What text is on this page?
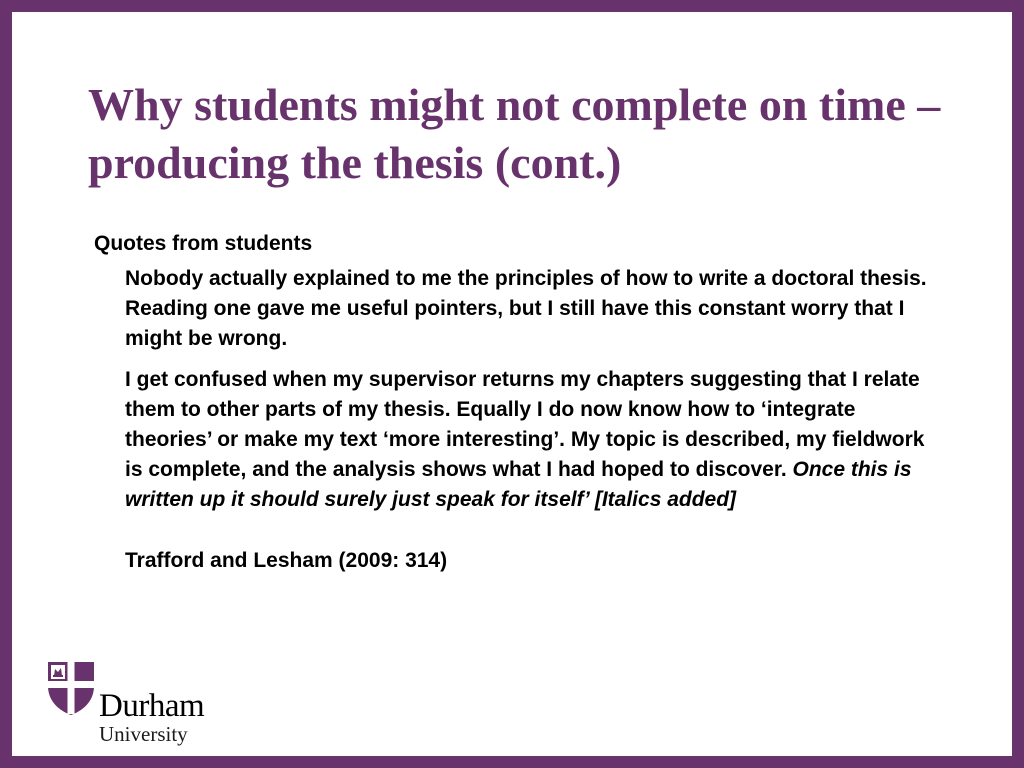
Why students might not complete on time – producing the thesis (cont.)

Quotes from students

Nobody actually explained to me the principles of how to write a doctoral thesis. Reading one gave me useful pointers, but I still have this constant worry that I might be wrong.

I get confused when my supervisor returns my chapters suggesting that I relate them to other parts of my thesis. Equally I do now know how to ‘integrate theories’ or make my text ‘more interesting’. My topic is described, my fieldwork is complete, and the analysis shows what I had hoped to discover. Once this is written up it should surely just speak for itself’ [Italics added]

Trafford and Lesham (2009: 314)

Durham
University
